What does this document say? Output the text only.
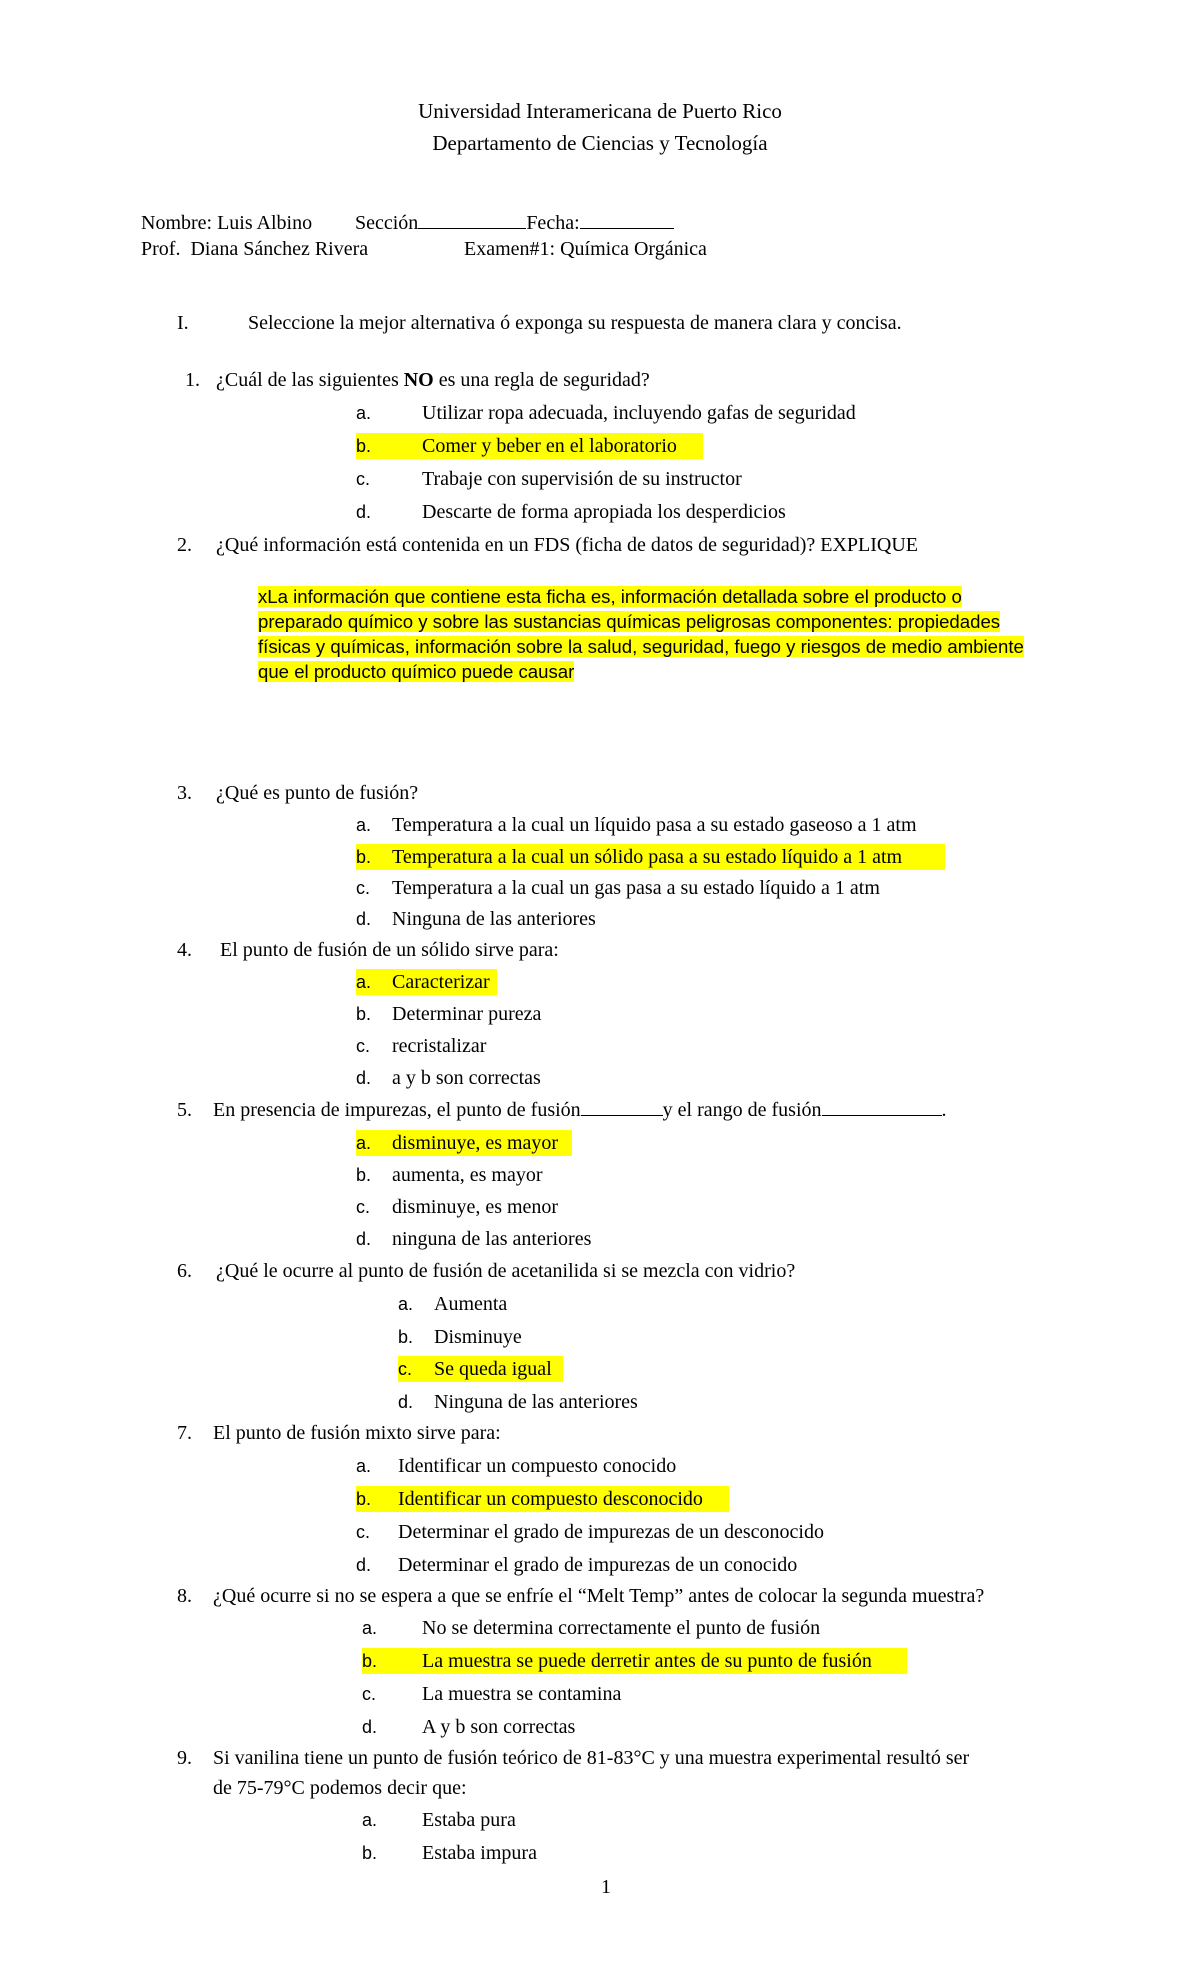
Universidad Interamericana de Puerto Rico
Departamento de Ciencias y Tecnología
Nombre: Luis Albino Sección	Fecha:
Prof. Diana Sánchez Rivera	Examen#1: Química Orgánica
I.	Seleccione la mejor alternativa ó exponga su respuesta de manera clara y concisa.
1. ¿Cuál de las siguientes NO es una regla de seguridad?
a.	Utilizar ropa adecuada, incluyendo gafas de seguridad
b.	Comer y beber en el laboratorio
c.	Trabaje con supervisión de su instructor
d.	Descarte de forma apropiada los desperdicios
2. ¿Qué información está contenida en un FDS (ficha de datos de seguridad)? EXPLIQUE
xLa información que contiene esta ficha es, información detallada sobre el producto o
preparado químico y sobre las sustancias químicas peligrosas componentes: propiedades
físicas y químicas, información sobre la salud, seguridad, fuego y riesgos de medio ambiente
que el producto químico puede causar
3. ¿Qué es punto de fusión?
a. Temperatura a la cual un líquido pasa a su estado gaseoso a 1 atm
b. Temperatura a la cual un sólido pasa a su estado líquido a 1 atm
c. Temperatura a la cual un gas pasa a su estado líquido a 1 atm
d. Ninguna de las anteriores
4. El punto de fusión de un sólido sirve para:
a. Caracterizar
b. Determinar pureza
c. recristalizar
d. a y b son correctas
5. En presencia de impurezas, el punto de fusión	y el rango de fusión	.
a. disminuye, es mayor
b. aumenta, es mayor
c. disminuye, es menor
d. ninguna de las anteriores
6. ¿Qué le ocurre al punto de fusión de acetanilida si se mezcla con vidrio?
a. Aumenta
b. Disminuye
c. Se queda igual
d. Ninguna de las anteriores
7. El punto de fusión mixto sirve para:
a. Identificar un compuesto conocido
b. Identificar un compuesto desconocido
c. Determinar el grado de impurezas de un desconocido
d. Determinar el grado de impurezas de un conocido
8. ¿Qué ocurre si no se espera a que se enfríe el “Melt Temp” antes de colocar la segunda muestra?
a. No se determina correctamente el punto de fusión
b. La muestra se puede derretir antes de su punto de fusión
c. La muestra se contamina
d. A y b son correctas
9. Si vanilina tiene un punto de fusión teórico de 81-83°C y una muestra experimental resultó ser
de 75-79°C podemos decir que:
a. Estaba pura
b. Estaba impura
1
